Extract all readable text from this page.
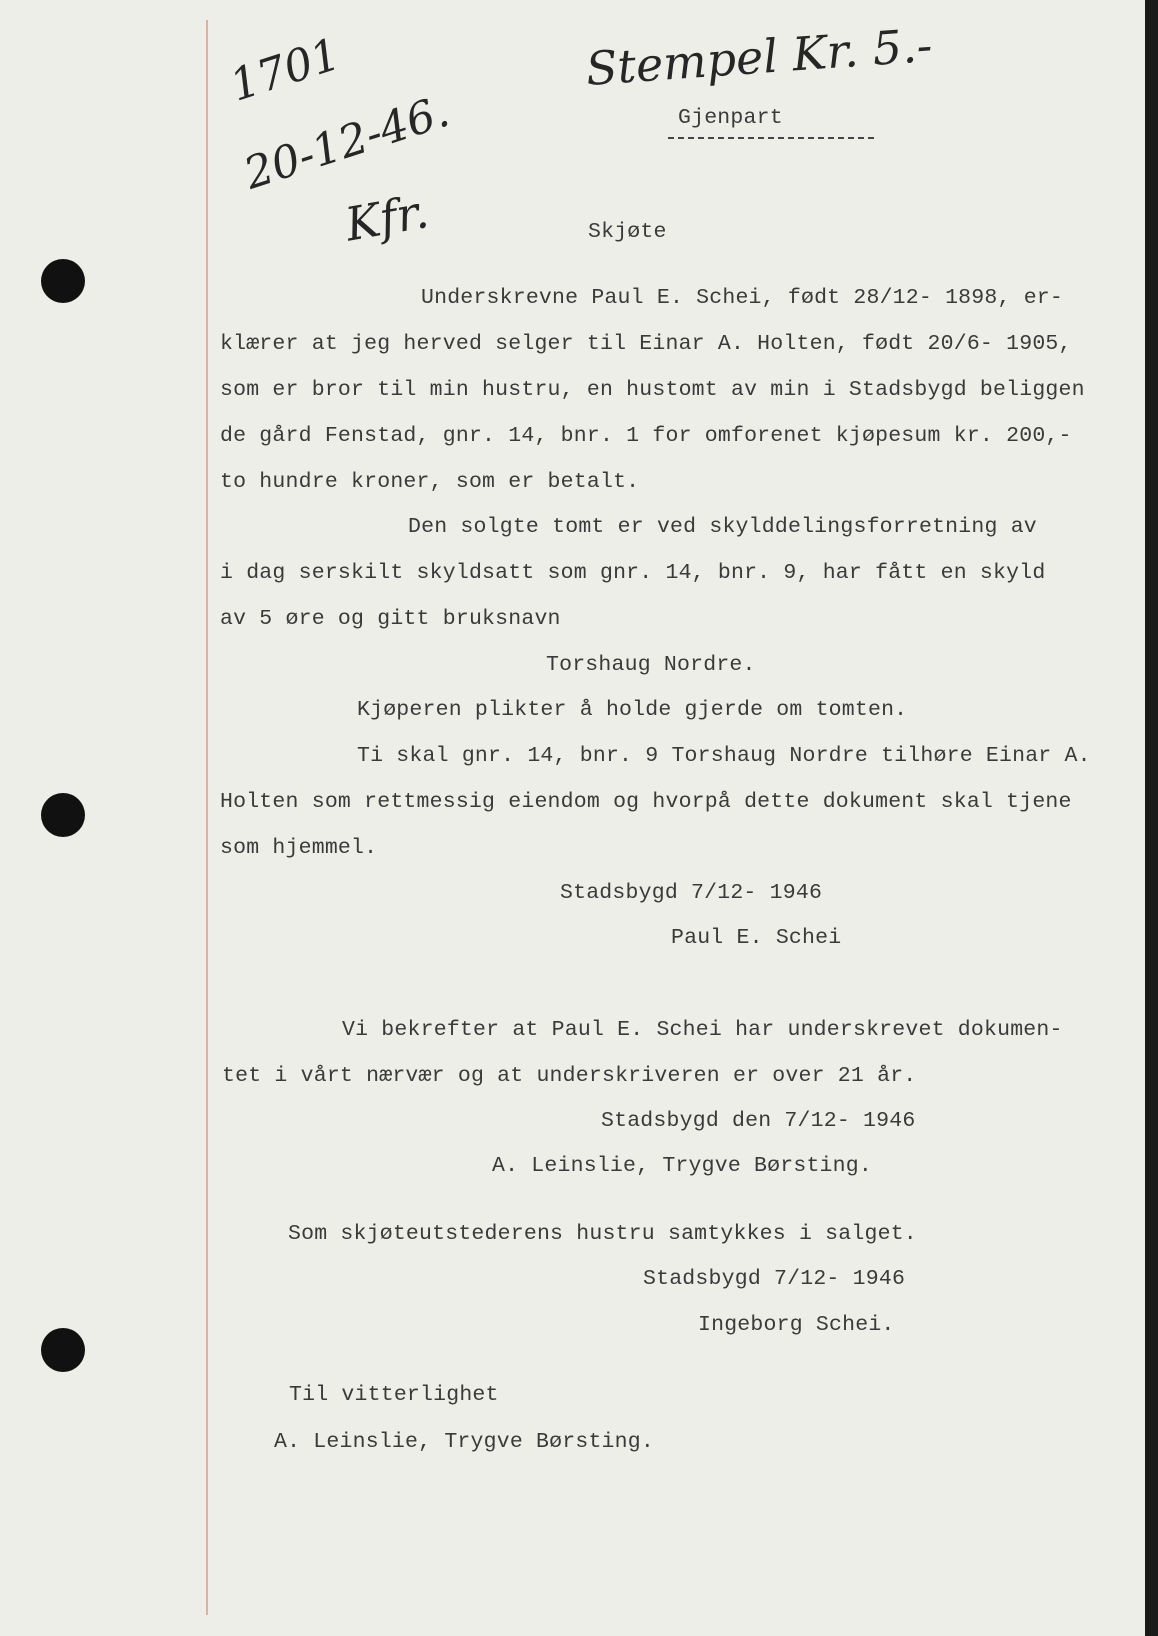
1701
20-12-46.
Kfr.
Stempel Kr. 5.-
Gjenpart
Skjøte
Underskrevne Paul E. Schei, født 28/12- 1898, er-
klærer at jeg herved selger til Einar A. Holten, født 20/6- 1905,
som er bror til min hustru, en hustomt av min i Stadsbygd beliggen
de gård Fenstad, gnr. 14, bnr. 1 for omforenet kjøpesum kr. 200,-
to hundre kroner, som er betalt.
Den solgte tomt er ved skylddelingsforretning av
i dag serskilt skyldsatt som gnr. 14, bnr. 9, har fått en skyld
av 5 øre og gitt bruksnavn
Torshaug Nordre.
Kjøperen plikter å holde gjerde om tomten.
Ti skal gnr. 14, bnr. 9 Torshaug Nordre tilhøre Einar A.
Holten som rettmessig eiendom og hvorpå dette dokument skal tjene
som hjemmel.
Stadsbygd 7/12- 1946
Paul E. Schei
Vi bekrefter at Paul E. Schei har underskrevet dokumen-
tet i vårt nærvær og at underskriveren er over 21 år.
Stadsbygd den 7/12- 1946
A. Leinslie, Trygve Børsting.
Som skjøteutstederens hustru samtykkes i salget.
Stadsbygd 7/12- 1946
Ingeborg Schei.
Til vitterlighet
A. Leinslie, Trygve Børsting.
